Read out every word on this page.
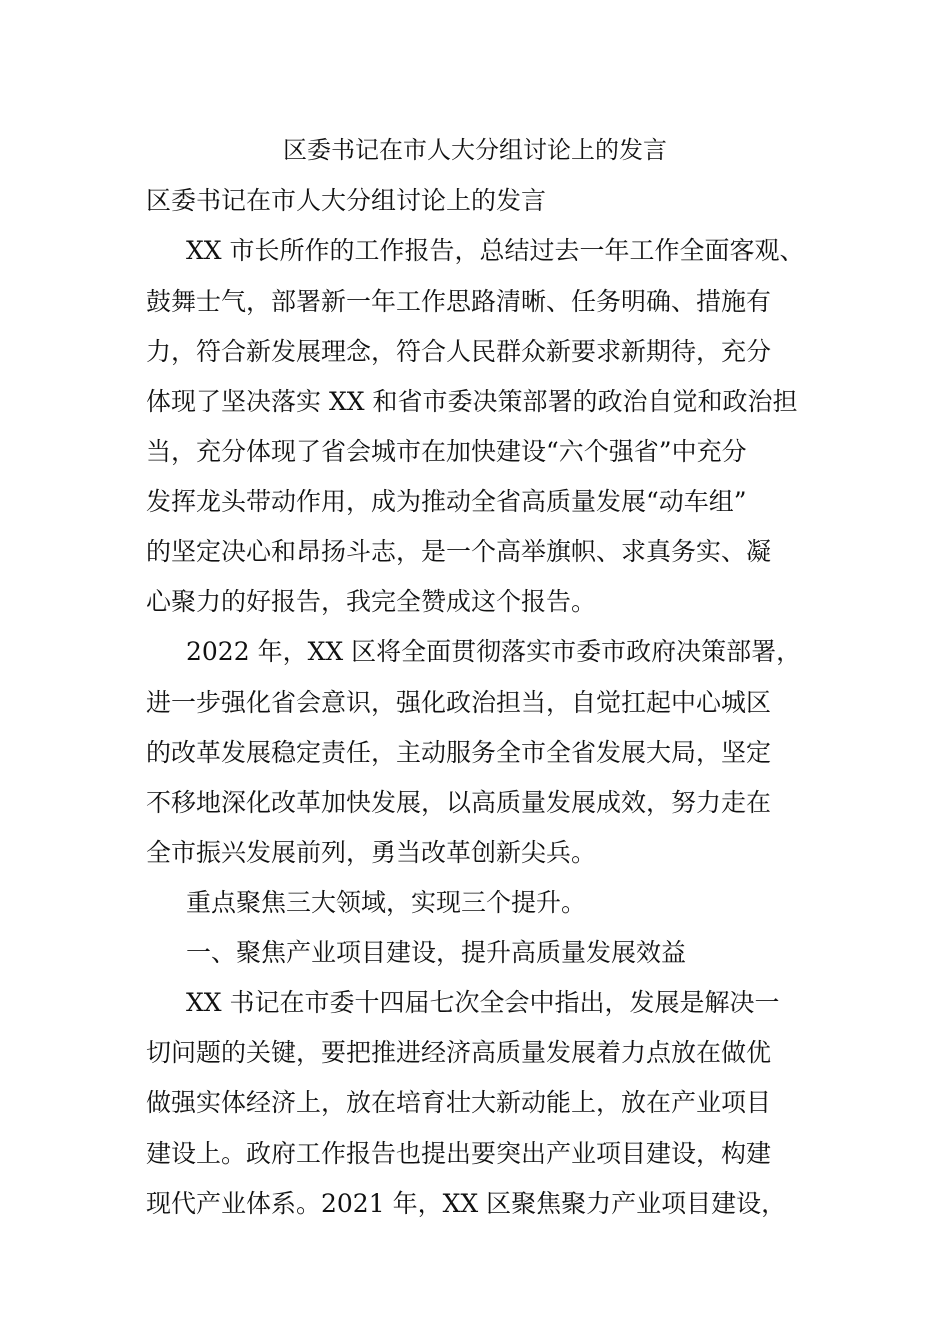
区委书记在市人大分组讨论上的发言
区委书记在市人大分组讨论上的发言
XX 市长所作的工作报告，总结过去一年工作全面客观、
鼓舞士气，部署新一年工作思路清晰、任务明确、措施有
力，符合新发展理念，符合人民群众新要求新期待，充分
体现了坚决落实 XX 和省市委决策部署的政治自觉和政治担
当，充分体现了省会城市在加快建设“六个强省”中充分
发挥龙头带动作用，成为推动全省高质量发展“动车组”
的坚定决心和昂扬斗志，是一个高举旗帜、求真务实、凝
心聚力的好报告，我完全赞成这个报告。
2022 年，XX 区将全面贯彻落实市委市政府决策部署，
进一步强化省会意识，强化政治担当，自觉扛起中心城区
的改革发展稳定责任，主动服务全市全省发展大局，坚定
不移地深化改革加快发展，以高质量发展成效，努力走在
全市振兴发展前列，勇当改革创新尖兵。
重点聚焦三大领域，实现三个提升。
一、聚焦产业项目建设，提升高质量发展效益
XX 书记在市委十四届七次全会中指出，发展是解决一
切问题的关键，要把推进经济高质量发展着力点放在做优
做强实体经济上，放在培育壮大新动能上，放在产业项目
建设上。政府工作报告也提出要突出产业项目建设，构建
现代产业体系。2021 年，XX 区聚焦聚力产业项目建设，
